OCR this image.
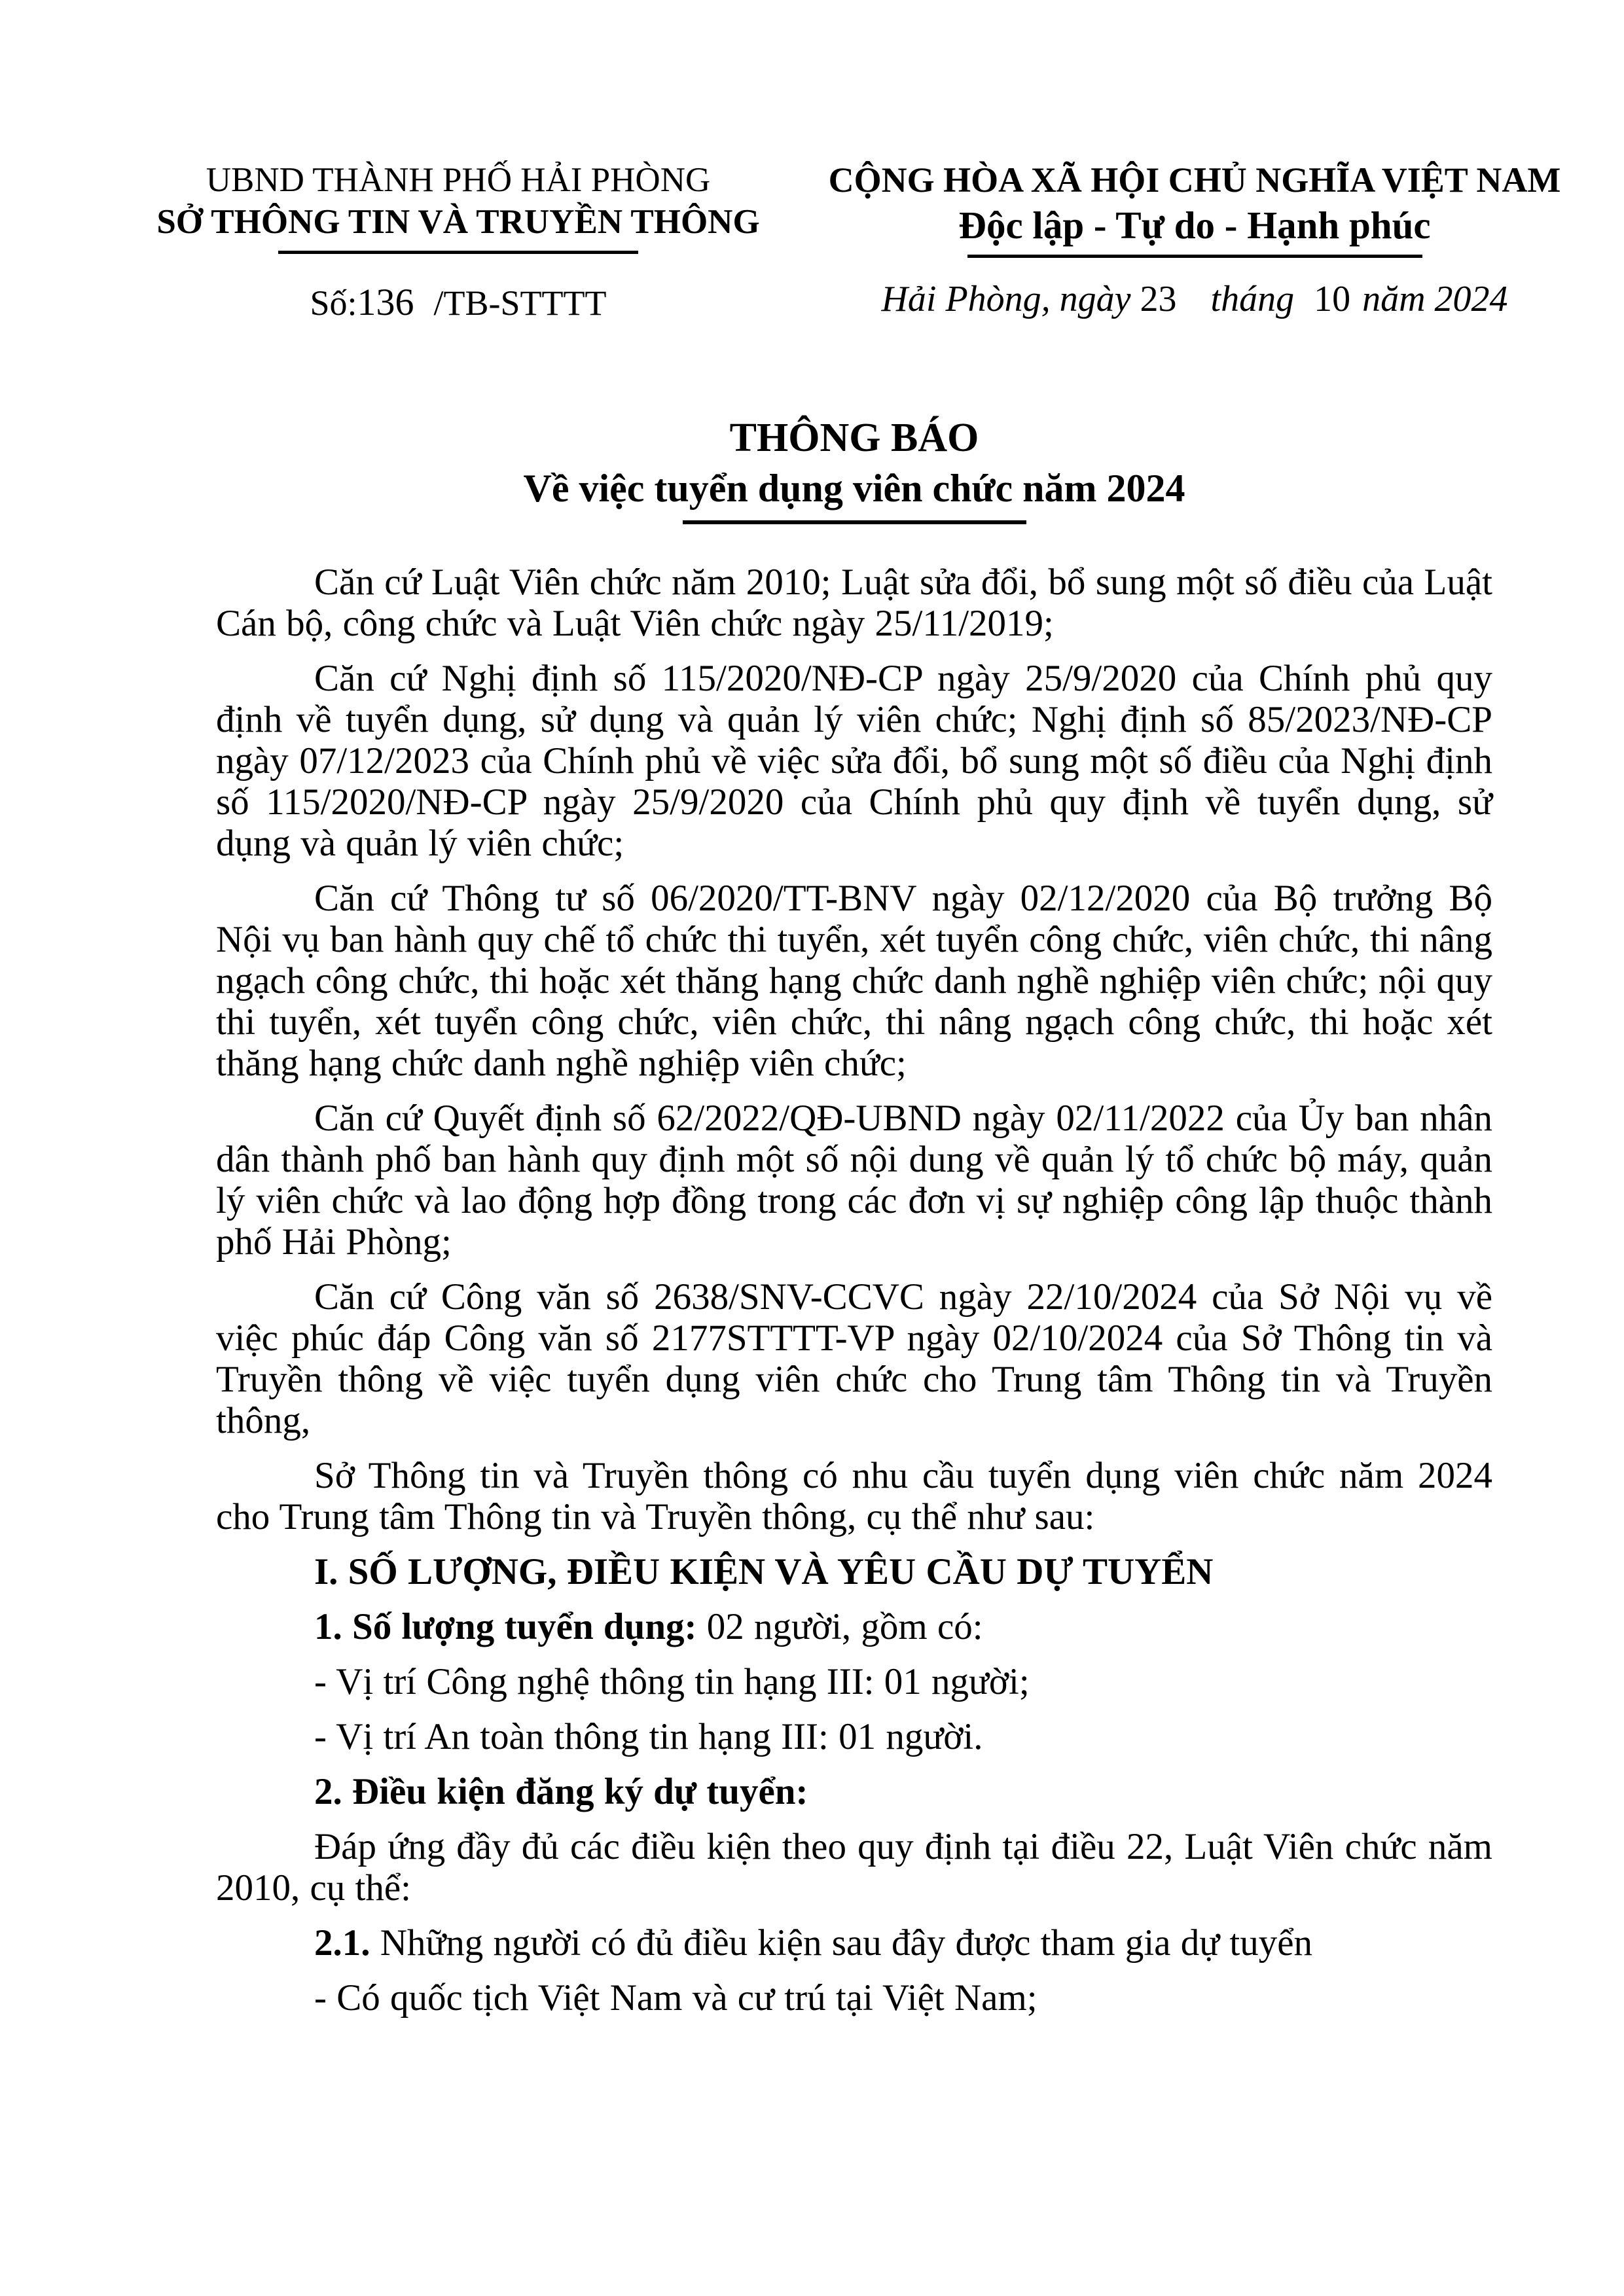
UBND THÀNH PHỐ HẢI PHÒNG
SỞ THÔNG TIN VÀ TRUYỀN THÔNG
Số:136 /TB-STTTT
CỘNG HÒA XÃ HỘI CHỦ NGHĨA VIỆT NAM
Độc lập - Tự do - Hạnh phúc
Hải Phòng, ngày 23 tháng 10 năm 2024
THÔNG BÁO
Về việc tuyển dụng viên chức năm 2024

Căn cứ Luật Viên chức năm 2010; Luật sửa đổi, bổ sung một số điều của Luật Cán bộ, công chức và Luật Viên chức ngày 25/11/2019;

Căn cứ Nghị định số 115/2020/NĐ-CP ngày 25/9/2020 của Chính phủ quy định về tuyển dụng, sử dụng và quản lý viên chức; Nghị định số 85/2023/NĐ-CP ngày 07/12/2023 của Chính phủ về việc sửa đổi, bổ sung một số điều của Nghị định số 115/2020/NĐ-CP ngày 25/9/2020 của Chính phủ quy định về tuyển dụng, sử dụng và quản lý viên chức;

Căn cứ Thông tư số 06/2020/TT-BNV ngày 02/12/2020 của Bộ trưởng Bộ Nội vụ ban hành quy chế tổ chức thi tuyển, xét tuyển công chức, viên chức, thi nâng ngạch công chức, thi hoặc xét thăng hạng chức danh nghề nghiệp viên chức; nội quy thi tuyển, xét tuyển công chức, viên chức, thi nâng ngạch công chức, thi hoặc xét thăng hạng chức danh nghề nghiệp viên chức;

Căn cứ Quyết định số 62/2022/QĐ-UBND ngày 02/11/2022 của Ủy ban nhân dân thành phố ban hành quy định một số nội dung về quản lý tổ chức bộ máy, quản lý viên chức và lao động hợp đồng trong các đơn vị sự nghiệp công lập thuộc thành phố Hải Phòng;

Căn cứ Công văn số 2638/SNV-CCVC ngày 22/10/2024 của Sở Nội vụ về việc phúc đáp Công văn số 2177STTTT-VP ngày 02/10/2024 của Sở Thông tin và Truyền thông về việc tuyển dụng viên chức cho Trung tâm Thông tin và Truyền thông,

Sở Thông tin và Truyền thông có nhu cầu tuyển dụng viên chức năm 2024 cho Trung tâm Thông tin và Truyền thông, cụ thể như sau:

I. SỐ LƯỢNG, ĐIỀU KIỆN VÀ YÊU CẦU DỰ TUYỂN

1. Số lượng tuyển dụng: 02 người, gồm có:

- Vị trí Công nghệ thông tin hạng III: 01 người;

- Vị trí An toàn thông tin hạng III: 01 người.

2. Điều kiện đăng ký dự tuyển:

Đáp ứng đầy đủ các điều kiện theo quy định tại điều 22, Luật Viên chức năm 2010, cụ thể:

2.1. Những người có đủ điều kiện sau đây được tham gia dự tuyển

- Có quốc tịch Việt Nam và cư trú tại Việt Nam;
